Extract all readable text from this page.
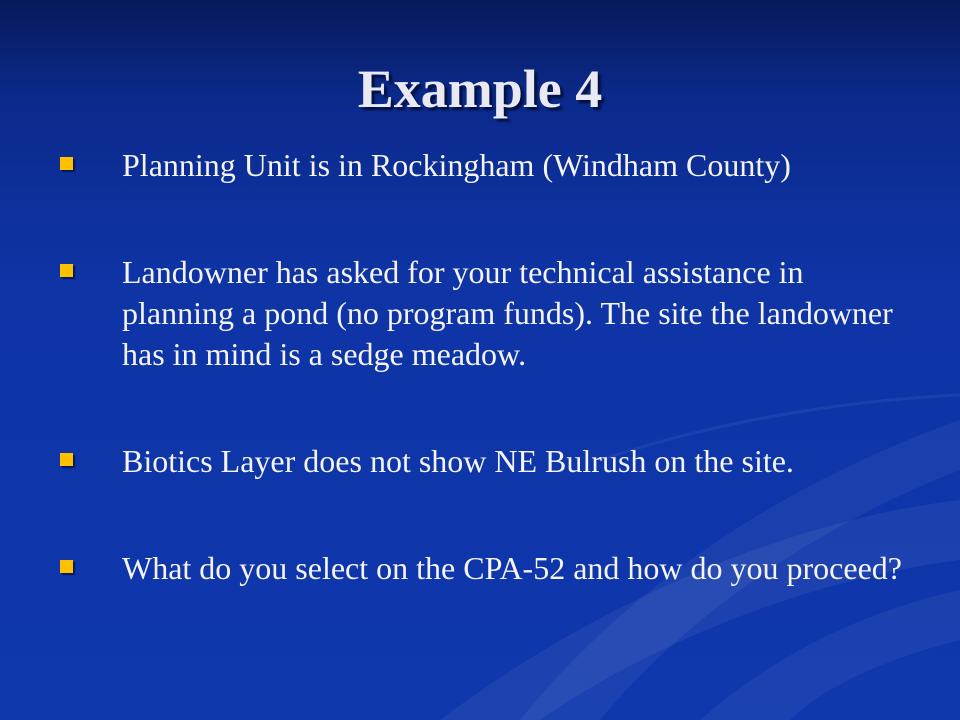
Example 4
Planning Unit is in Rockingham (Windham County)
Landowner has asked for your technical assistance in planning a pond (no program funds). The site the landowner has in mind is a sedge meadow.
Biotics Layer does not show NE Bulrush on the site.
What do you select on the CPA-52 and how do you proceed?
